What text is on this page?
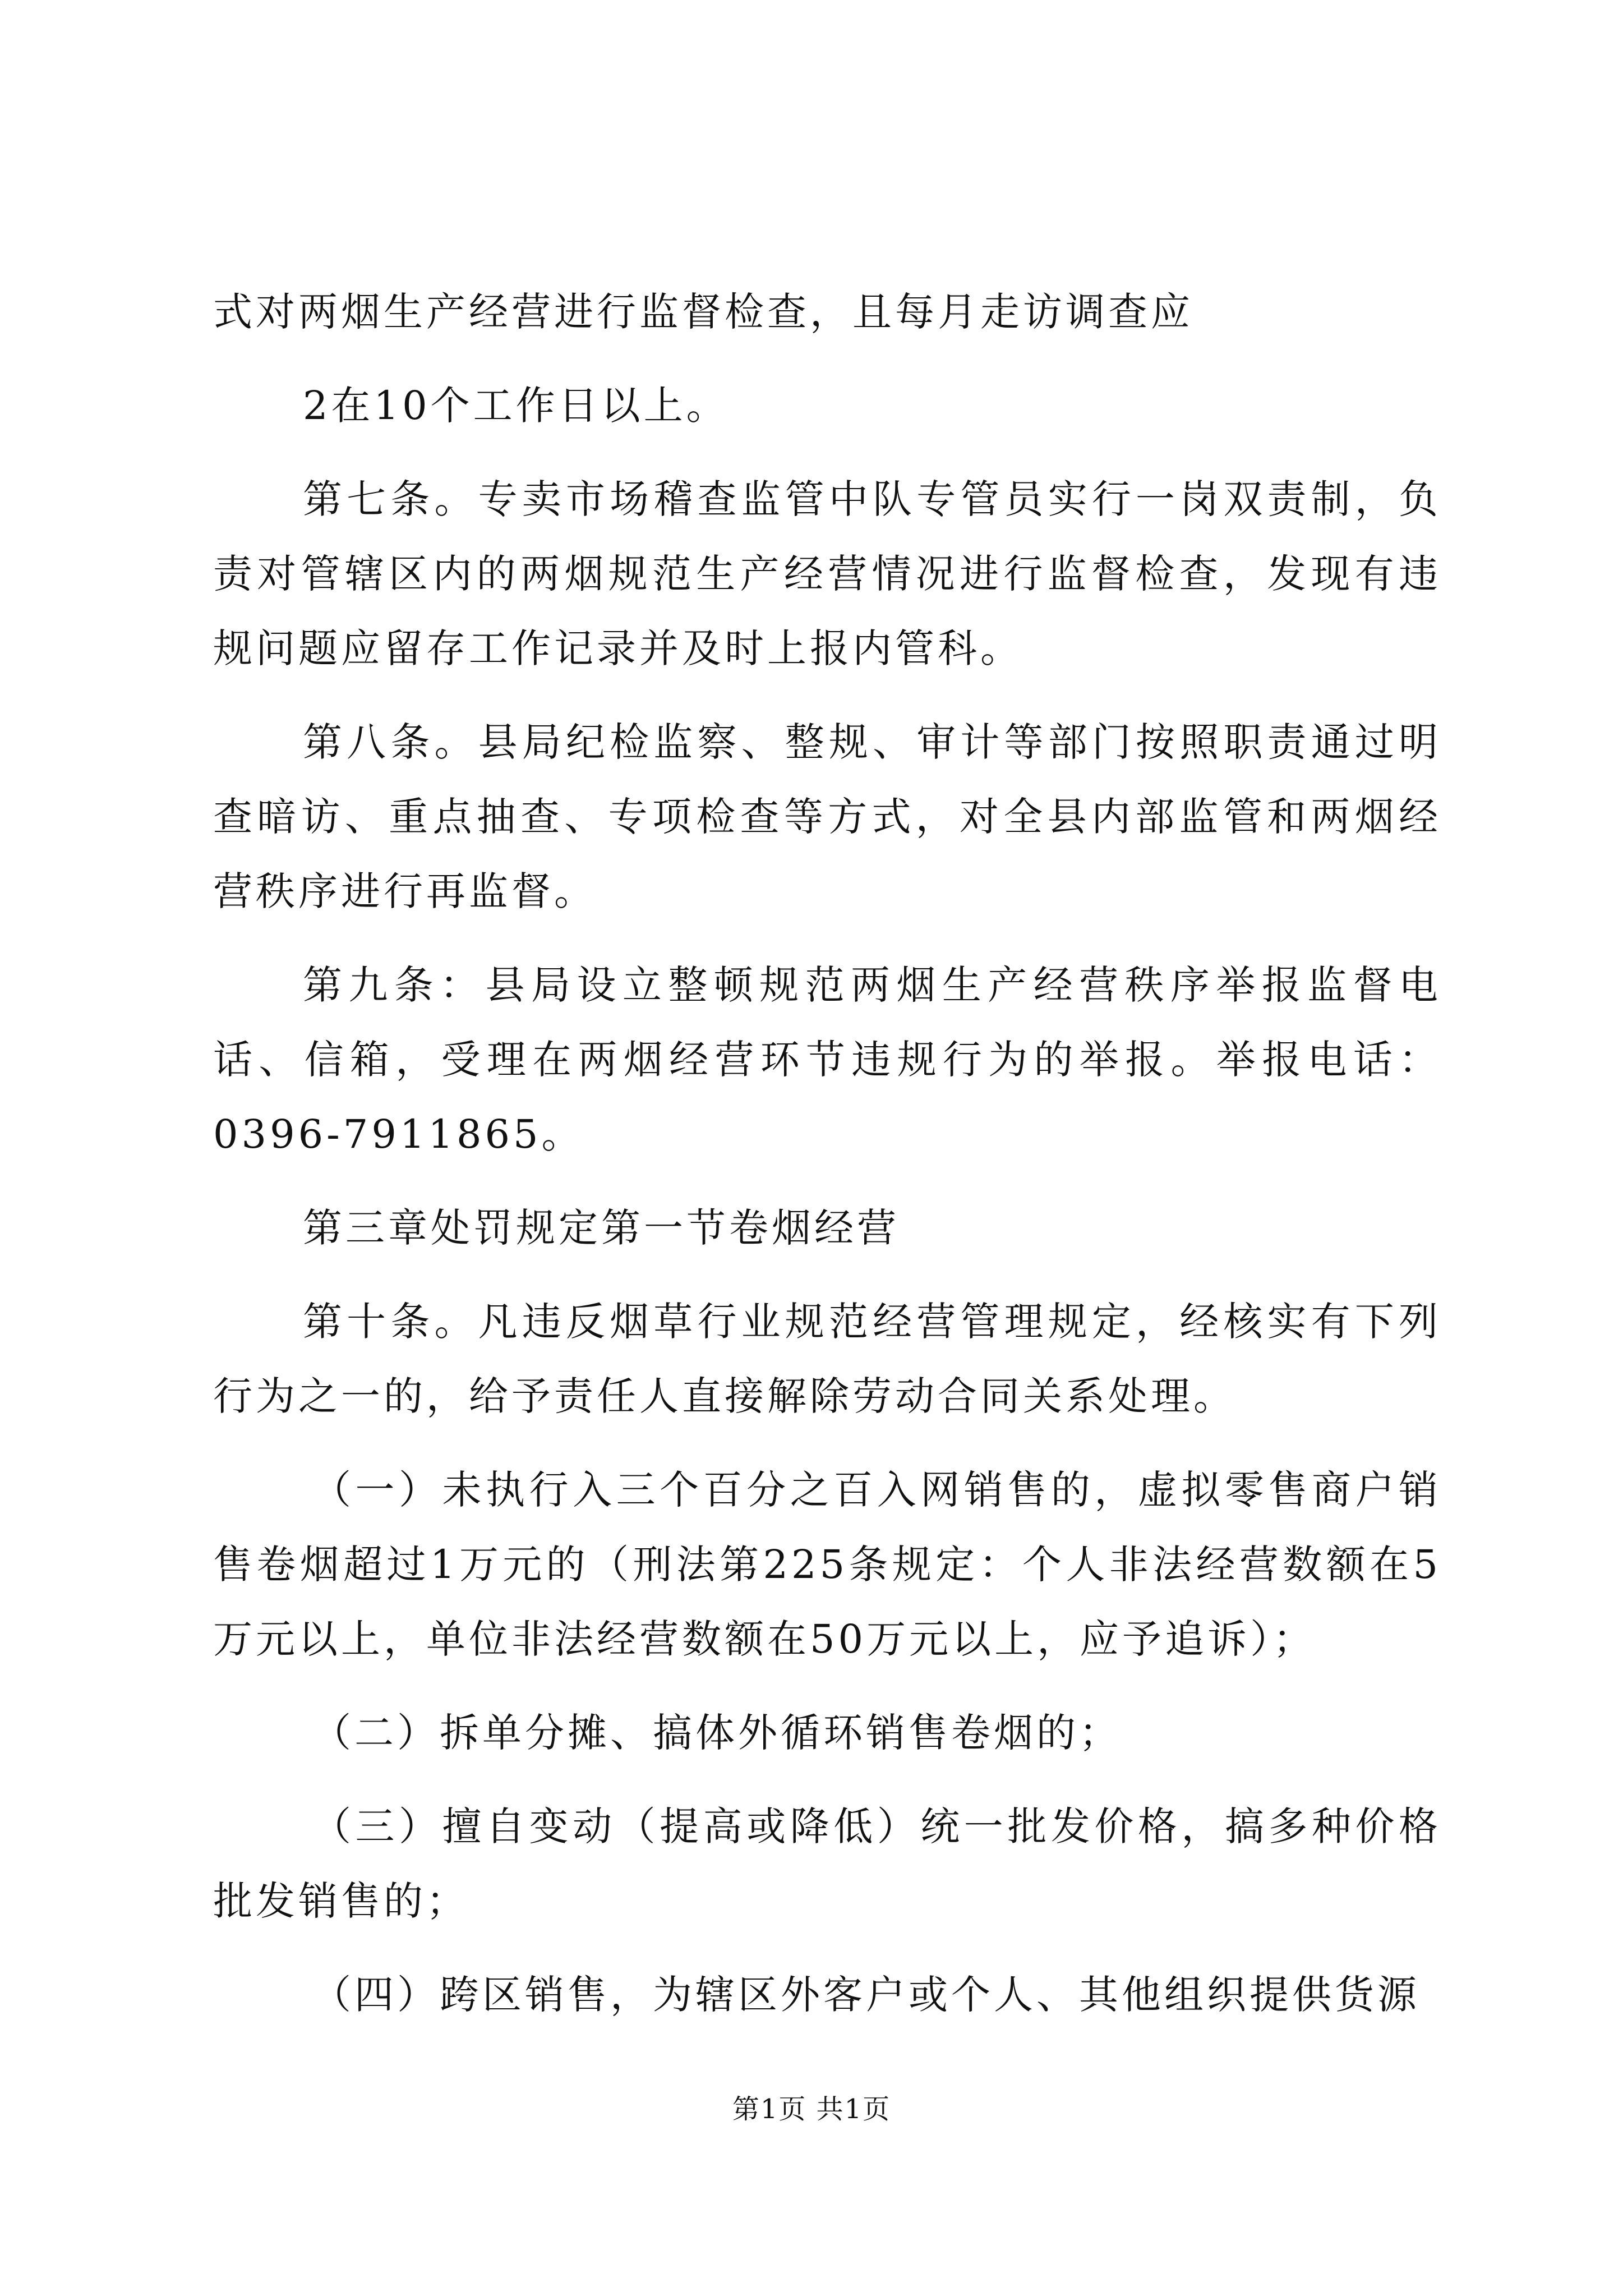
式对两烟生产经营进行监督检查，且每月走访调查应

2在10个工作日以上。

第七条。专卖市场稽查监管中队专管员实行一岗双责制，负责对管辖区内的两烟规范生产经营情况进行监督检查，发现有违规问题应留存工作记录并及时上报内管科。

第八条。县局纪检监察、整规、审计等部门按照职责通过明查暗访、重点抽查、专项检查等方式，对全县内部监管和两烟经营秩序进行再监督。

第九条：县局设立整顿规范两烟生产经营秩序举报监督电话、信箱，受理在两烟经营环节违规行为的举报。举报电话：0396-7911865。

第三章处罚规定第一节卷烟经营

第十条。凡违反烟草行业规范经营管理规定，经核实有下列行为之一的，给予责任人直接解除劳动合同关系处理。

（一）未执行入三个百分之百入网销售的，虚拟零售商户销售卷烟超过1万元的（刑法第225条规定：个人非法经营数额在5万元以上，单位非法经营数额在50万元以上，应予追诉）；

（二）拆单分摊、搞体外循环销售卷烟的；

（三）擅自变动（提高或降低）统一批发价格，搞多种价格批发销售的；

（四）跨区销售，为辖区外客户或个人、其他组织提供货源

第1页 共1页
